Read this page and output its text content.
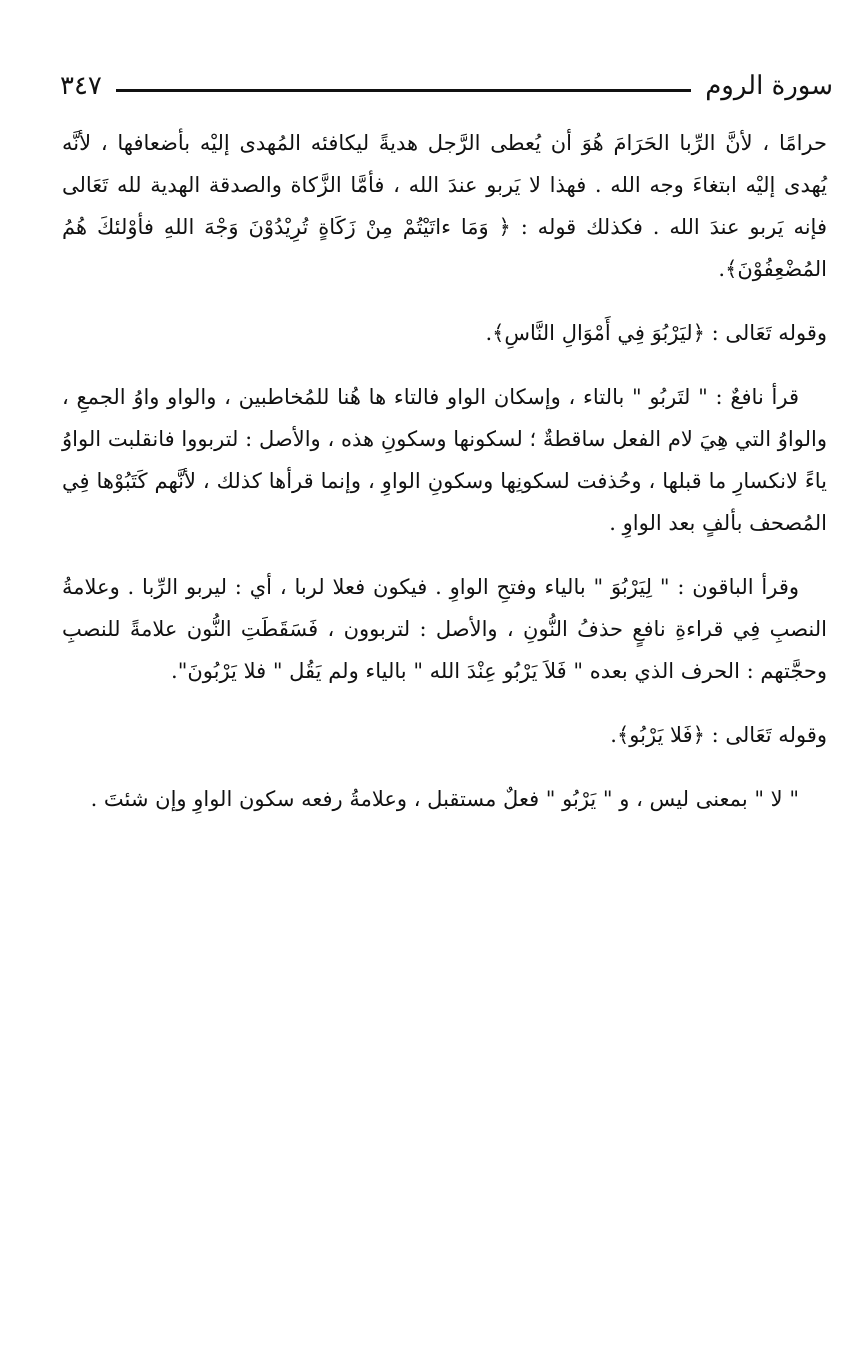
سورة الروم
٣٤٧

حرامًا ، لأنَّ الرِّبا الحَرَامَ هُوَ أن يُعطى الرَّجل هديةً ليكافئه المُهدى إليْه بأضعافها ، لأنَّه يُهدى إليْه ابتغاءَ وجه الله . فهذا لا يَربو عندَ الله ، فأمَّا الزَّكاة والصدقة الهدية لله تَعَالى فإنه يَربو عندَ الله . فكذلك قوله : ﴿ وَمَا ءاتَيْتُمْ مِنْ زَكَاةٍ تُرِيْدُوْنَ وَجْهَ اللهِ فأوْلئكَ هُمُ المُضْعِفُوْنَ﴾.

وقوله تَعَالى : ﴿ليَرْبُوَ فِي أَمْوَالِ النَّاسِ﴾.

قرأ نافعٌ : " لتَربُو " بالتاء ، وإسكان الواو فالتاء ها هُنا للمُخاطبين ، والواو واوُ الجمعِ ، والواوُ التي هِيَ لام الفعل ساقطةٌ ؛ لسكونها وسكونِ هذه ، والأصل : لتربووا فانقلبت الواوُ ياءً لانكسارِ ما قبلها ، وحُذفت لسكونِها وسكونِ الواوِ ، وإنما قرأها كذلك ، لأنَّهم كَتَبُوْها فِي المُصحف بألفٍ بعد الواوِ .

وقرأ الباقون : " لِيَرْبُوَ " بالياء وفتحِ الواوِ . فيكون فعلا لربا ، أي : ليربو الرِّبا . وعلامةُ النصبِ فِي قراءةِ نافعٍ حذفُ النُّونِ ، والأصل : لتربوون ، فَسَقَطَتِ النُّون علامةً للنصبِ وحجَّتهم : الحرف الذي بعده " فَلاَ يَرْبُو عِنْدَ الله " بالياء ولم يَقُل " فلا يَرْبُونَ".

وقوله تَعَالى : ﴿فَلا يَرْبُو﴾.

" لا " بمعنى ليس ، و " يَرْبُو " فعلٌ مستقبل ، وعلامةُ رفعه سكون الواوِ وإن شئتَ .
